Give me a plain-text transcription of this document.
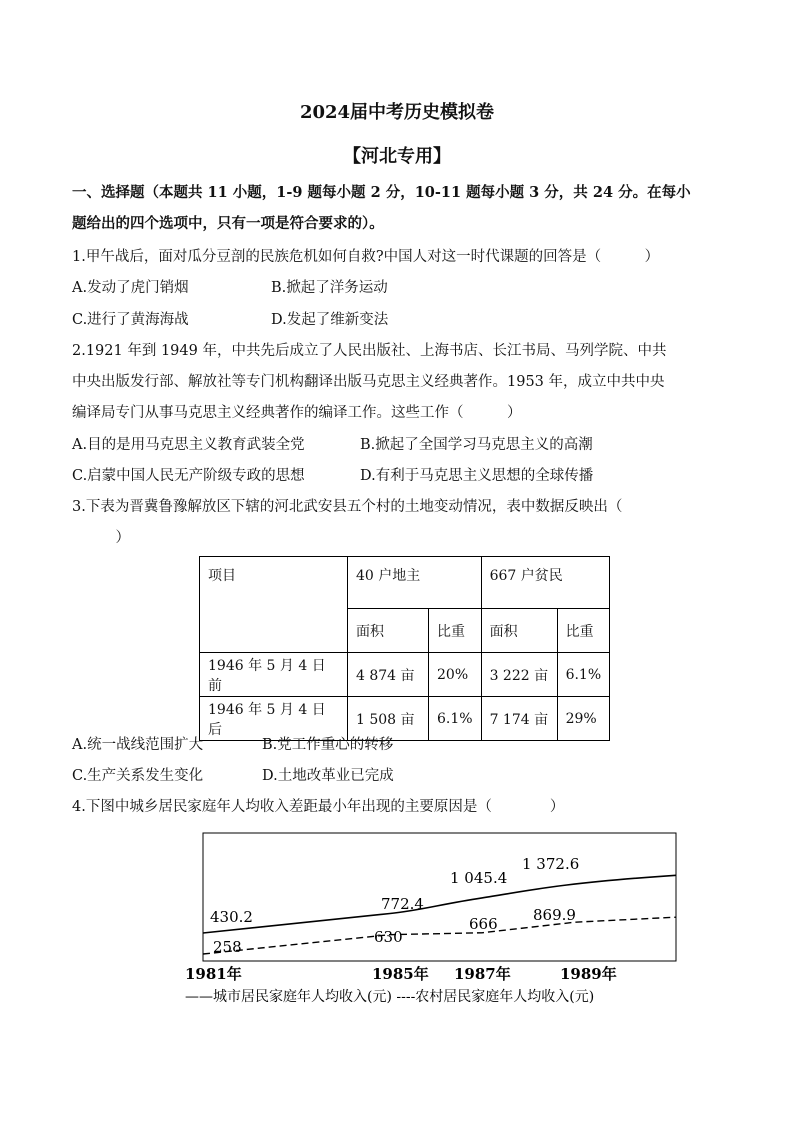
2024届中考历史模拟卷
【河北专用】
一、选择题（本题共 11 小题，1-9 题每小题 2 分，10-11 题每小题 3 分，共 24 分。在每小
题给出的四个选项中，只有一项是符合要求的）。
1.甲午战后，面对瓜分豆剖的民族危机如何自救?中国人对这一时代课题的回答是（　　　）
A.发动了虎门销烟	B.掀起了洋务运动
C.进行了黄海海战	D.发起了维新变法
2.1921 年到 1949 年，中共先后成立了人民出版社、上海书店、长江书局、马列学院、中共
中央出版发行部、解放社等专门机构翻译出版马克思主义经典著作。1953 年，成立中共中央
编译局专门从事马克思主义经典著作的编译工作。这些工作（　　　）
A.目的是用马克思主义教育武装全党	B.掀起了全国学习马克思主义的高潮
C.启蒙中国人民无产阶级专政的思想	D.有利于马克思主义思想的全球传播
3.下表为晋冀鲁豫解放区下辖的河北武安县五个村的土地变动情况，表中数据反映出（
　　　）
项目	40 户地主		667 户贫民	
	面积	比重	面积	比重
1946 年 5 月 4 日前	4 874 亩	20%	3 222 亩	6.1%
1946 年 5 月 4 日后	1 508 亩	6.1%	7 174 亩	29%
A.统一战线范围扩大	B.党工作重心的转移
C.生产关系发生变化	D.土地改革业已完成
4.下图中城乡居民家庭年人均收入差距最小年出现的主要原因是（　　　　）
430.2
772.4
1 045.4
1 372.6
258
630
666 869.9
1981年	1985年 1987年	1989年
——城市居民家庭年人均收入(元) ----农村居民家庭年人均收入(元)
